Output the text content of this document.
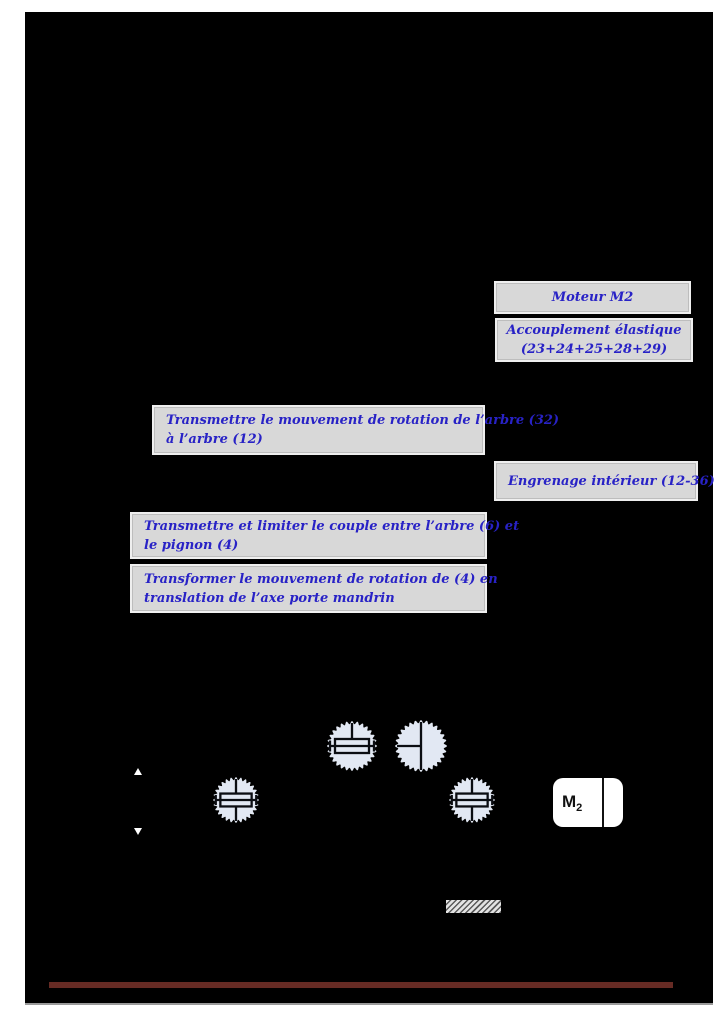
Moteur M2
Accouplement élastique
(23+24+25+28+29)
Transmettre le mouvement de rotation de l’arbre (32)
à l’arbre (12)
Engrenage intérieur (12-36)
Transmettre et limiter le couple entre l’arbre (6) et
le pignon (4)
Transformer le mouvement de rotation de (4) en
translation de l’axe porte mandrin
$M_2$
